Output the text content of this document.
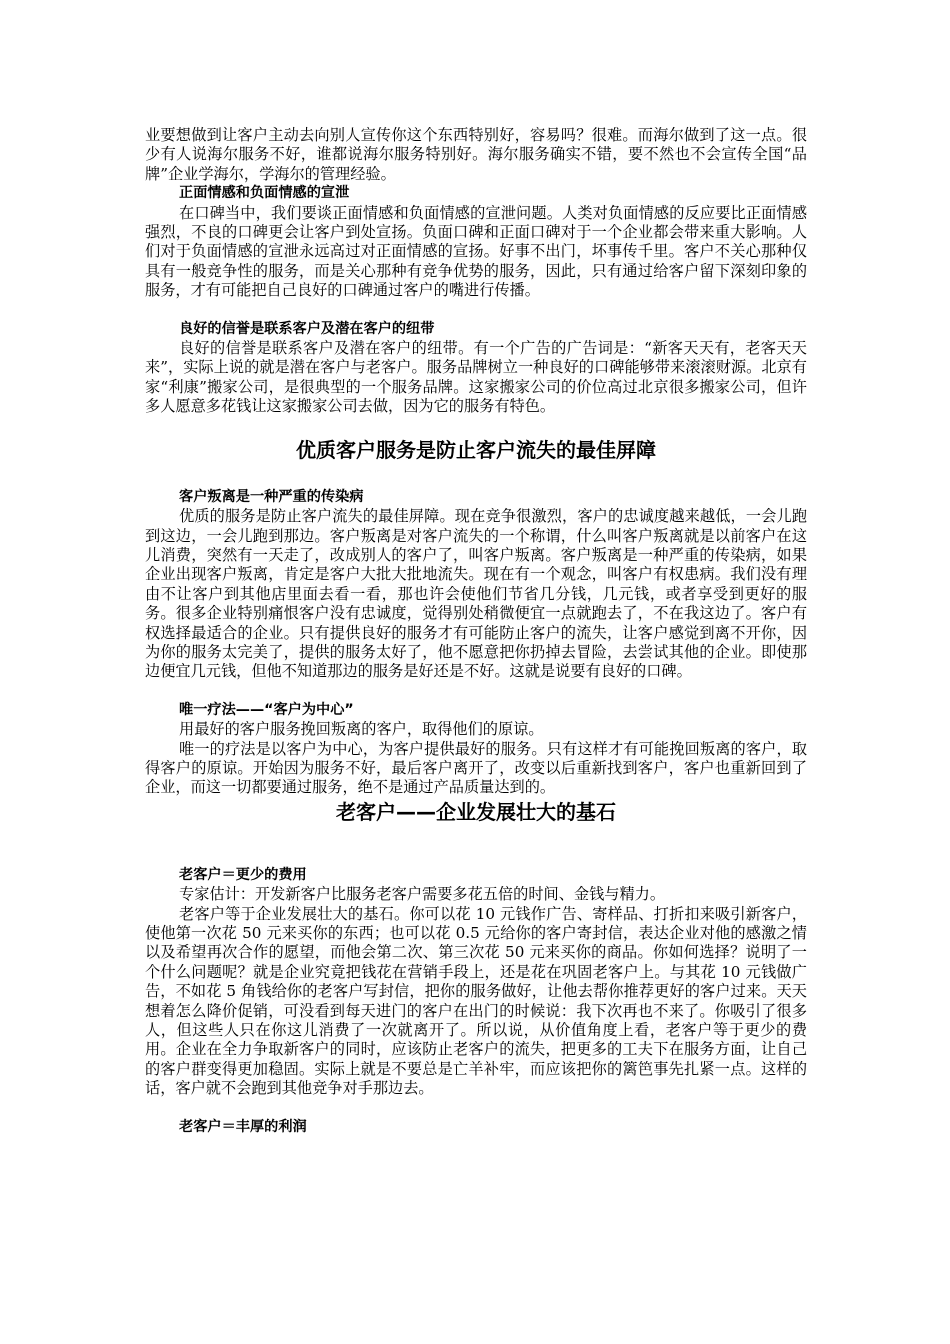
业要想做到让客户主动去向别人宣传你这个东西特别好，容易吗？很难。而海尔做到了这一点。很少有人说海尔服务不好，谁都说海尔服务特别好。海尔服务确实不错，要不然也不会宣传全国“品牌”企业学海尔，学海尔的管理经验。

正面情感和负面情感的宣泄

在口碑当中，我们要谈正面情感和负面情感的宣泄问题。人类对负面情感的反应要比正面情感强烈，不良的口碑更会让客户到处宣扬。负面口碑和正面口碑对于一个企业都会带来重大影响。人们对于负面情感的宣泄永远高过对正面情感的宣扬。好事不出门，坏事传千里。客户不关心那种仅具有一般竞争性的服务，而是关心那种有竞争优势的服务，因此，只有通过给客户留下深刻印象的服务，才有可能把自己良好的口碑通过客户的嘴进行传播。

良好的信誉是联系客户及潜在客户的纽带

良好的信誉是联系客户及潜在客户的纽带。有一个广告的广告词是：“新客天天有，老客天天来”，实际上说的就是潜在客户与老客户。服务品牌树立一种良好的口碑能够带来滚滚财源。北京有家“利康”搬家公司，是很典型的一个服务品牌。这家搬家公司的价位高过北京很多搬家公司，但许多人愿意多花钱让这家搬家公司去做，因为它的服务有特色。

优质客户服务是防止客户流失的最佳屏障
客户叛离是一种严重的传染病

优质的服务是防止客户流失的最佳屏障。现在竞争很激烈，客户的忠诚度越来越低，一会儿跑到这边，一会儿跑到那边。客户叛离是对客户流失的一个称谓，什么叫客户叛离就是以前客户在这儿消费，突然有一天走了，改成别人的客户了，叫客户叛离。客户叛离是一种严重的传染病，如果企业出现客户叛离，肯定是客户大批大批地流失。现在有一个观念，叫客户有权患病。我们没有理由不让客户到其他店里面去看一看，那也许会使他们节省几分钱，几元钱，或者享受到更好的服务。很多企业特别痛恨客户没有忠诚度，觉得别处稍微便宜一点就跑去了，不在我这边了。客户有权选择最适合的企业。只有提供良好的服务才有可能防止客户的流失，让客户感觉到离不开你，因为你的服务太完美了，提供的服务太好了，他不愿意把你扔掉去冒险，去尝试其他的企业。即使那边便宜几元钱，但他不知道那边的服务是好还是不好。这就是说要有良好的口碑。

唯一疗法——“客户为中心”

用最好的客户服务挽回叛离的客户，取得他们的原谅。

唯一的疗法是以客户为中心，为客户提供最好的服务。只有这样才有可能挽回叛离的客户，取得客户的原谅。开始因为服务不好，最后客户离开了，改变以后重新找到客户，客户也重新回到了企业，而这一切都要通过服务，绝不是通过产品质量达到的。

老客户——企业发展壮大的基石
老客户＝更少的费用

专家估计：开发新客户比服务老客户需要多花五倍的时间、金钱与精力。

老客户等于企业发展壮大的基石。你可以花 10 元钱作广告、寄样品、打折扣来吸引新客户，使他第一次花 50 元来买你的东西；也可以花 0.5 元给你的客户寄封信，表达企业对他的感激之情以及希望再次合作的愿望，而他会第二次、第三次花 50 元来买你的商品。你如何选择？说明了一个什么问题呢？就是企业究竟把钱花在营销手段上，还是花在巩固老客户上。与其花 10 元钱做广告，不如花 5 角钱给你的老客户写封信，把你的服务做好，让他去帮你推荐更好的客户过来。天天想着怎么降价促销，可没看到每天进门的客户在出门的时候说：我下次再也不来了。你吸引了很多人，但这些人只在你这儿消费了一次就离开了。所以说，从价值角度上看，老客户等于更少的费用。企业在全力争取新客户的同时，应该防止老客户的流失，把更多的工夫下在服务方面，让自己的客户群变得更加稳固。实际上就是不要总是亡羊补牢，而应该把你的篱笆事先扎紧一点。这样的话，客户就不会跑到其他竞争对手那边去。

老客户＝丰厚的利润
